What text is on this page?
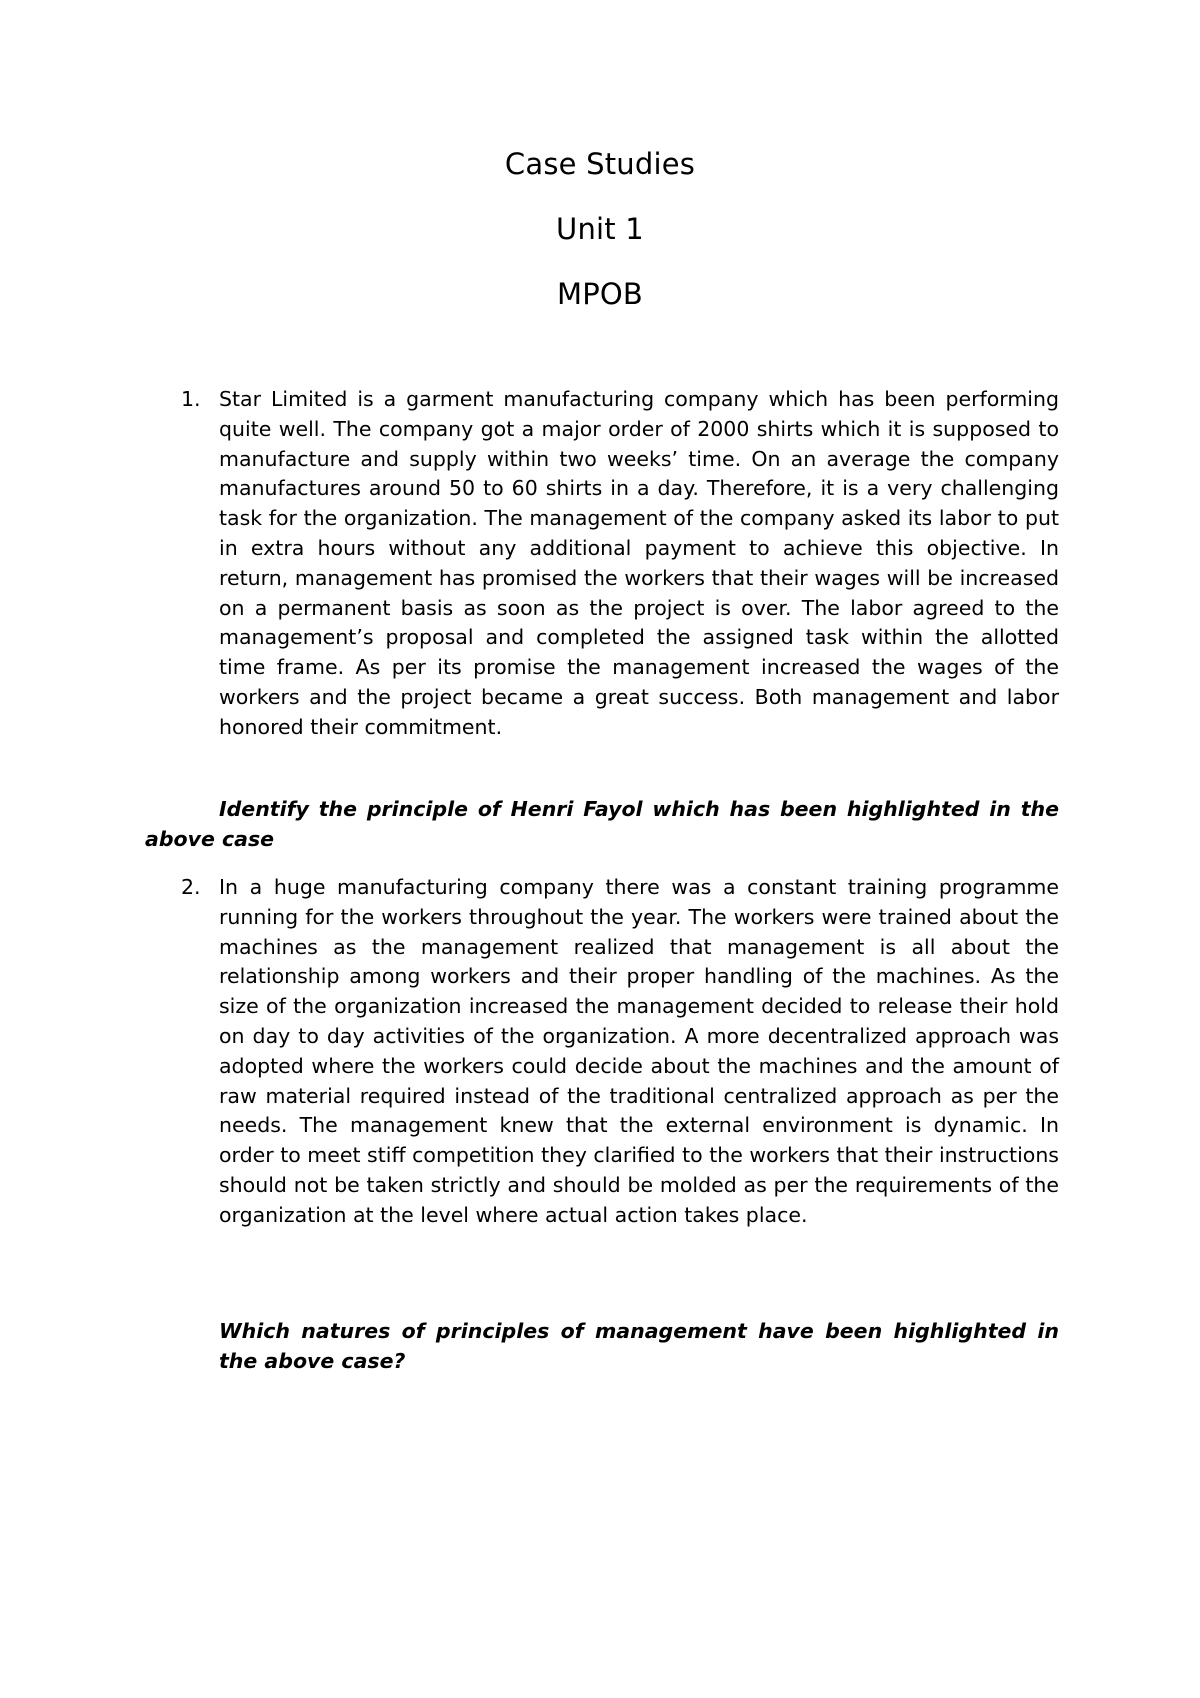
Case Studies
Unit 1
MPOB
1. Star Limited is a garment manufacturing company which has been performing quite well. The company got a major order of 2000 shirts which it is supposed to manufacture and supply within two weeks’ time. On an average the company manufactures around 50 to 60 shirts in a day. Therefore, it is a very challenging task for the organization. The management of the company asked its labor to put in extra hours without any additional payment to achieve this objective. In return, management has promised the workers that their wages will be increased on a permanent basis as soon as the project is over. The labor agreed to the management’s proposal and completed the assigned task within the allotted time frame. As per its promise the management increased the wages of the workers and the project became a great success. Both management and labor honored their commitment.
Identify the principle of Henri Fayol which has been highlighted in the above case
2. In a huge manufacturing company there was a constant training programme running for the workers throughout the year. The workers were trained about the machines as the management realized that management is all about the relationship among workers and their proper handling of the machines. As the size of the organization increased the management decided to release their hold on day to day activities of the organization. A more decentralized approach was adopted where the workers could decide about the machines and the amount of raw material required instead of the traditional centralized approach as per the needs. The management knew that the external environment is dynamic. In order to meet stiff competition they clarified to the workers that their instructions should not be taken strictly and should be molded as per the requirements of the organization at the level where actual action takes place.
Which natures of principles of management have been highlighted in the above case?
